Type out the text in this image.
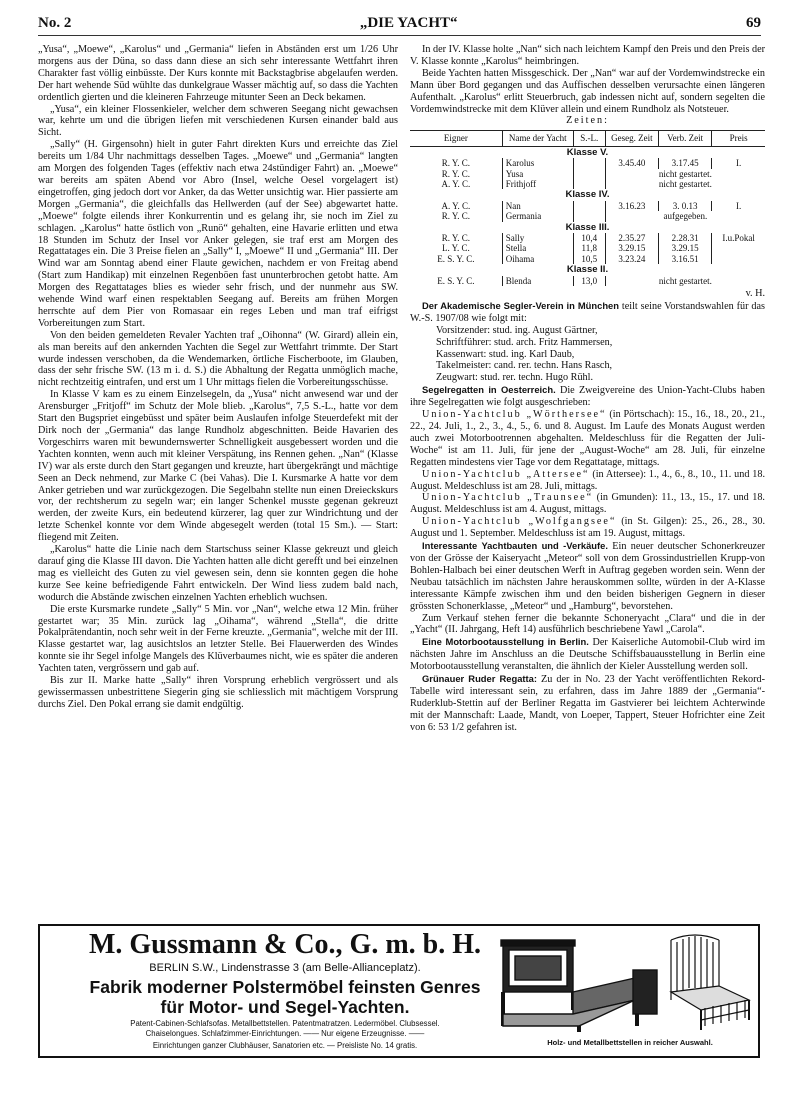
No. 2	„DIE YACHT“	69

„Yusa“, „Moewe“, „Karolus“ und „Germania“ liefen in Abständen erst um 1/26 Uhr morgens aus der Düna, so dass dann diese an sich sehr interessante Wettfahrt ihren Charakter fast völlig einbüsste. Der Kurs konnte mit Backstagbrise abgelaufen werden. Der hart wehende Süd wühlte das dunkelgraue Wasser mächtig auf, so dass die Yachten ordentlich gierten und die kleineren Fahrzeuge mitunter Seen an Deck bekamen.

„Yusa“, ein kleiner Flossenkieler, welcher dem schweren Seegang nicht gewachsen war, kehrte um und die übrigen liefen mit verschiedenen Kursen einander bald aus Sicht.

„Sally“ (H. Girgensohn) hielt in guter Fahrt direkten Kurs und erreichte das Ziel bereits um 1/84 Uhr nachmittags desselben Tages. „Moewe“ und „Germania“ langten am Morgen des folgenden Tages (effektiv nach etwa 24stündiger Fahrt) an. „Moewe“ war bereits am späten Abend vor Abro (Insel, welche Oesel vorgelagert ist) eingetroffen, ging jedoch dort vor Anker, da das Wetter unsichtig war. Hier passierte am Morgen „Germania“, die gleichfalls das Hellwerden (auf der See) abgewartet hatte. „Moewe“ folgte eilends ihrer Konkurrentin und es gelang ihr, sie noch im Ziel zu schlagen. „Karolus“ hatte östlich von „Runö“ gehalten, eine Havarie erlitten und etwa 18 Stunden im Schutz der Insel vor Anker gelegen, sie traf erst am Morgen des Regattatages ein. Die 3 Preise fielen an „Sally“ I, „Moewe“ II und „Germania“ III. Der Wind war am Sonntag abend einer Flaute gewichen, nachdem er von Freitag abend (Start zum Handikap) mit einzelnen Regenböen fast ununterbrochen getobt hatte. Am Morgen des Regattatages blies es wieder sehr frisch, und der nunmehr aus SW. wehende Wind warf einen respektablen Seegang auf. Bereits am frühen Morgen herrschte auf dem Pier von Romasaar ein reges Leben und man traf eifrigst Vorbereitungen zum Start.

Von den beiden gemeldeten Revaler Yachten traf „Oihonna“ (W. Girard) allein ein, als man bereits auf den ankernden Yachten die Segel zur Wettfahrt trimmte. Der Start wurde indessen verschoben, da die Wendemarken, örtliche Fischerboote, im Glauben, dass der sehr frische SW. (13 m i. d. S.) die Abhaltung der Regatta unmöglich mache, nicht rechtzeitig eintrafen, und erst um 1 Uhr mittags fielen die Vorbereitungsschüsse.

In Klasse V kam es zu einem Einzelsegeln, da „Yusa“ nicht anwesend war und der Arensburger „Fritjoff“ im Schutz der Mole blieb. „Karolus“, 7,5 S.-L., hatte vor dem Start den Bugspriet eingebüsst und später beim Auslaufen infolge Steuerdefekt mit der Dirk noch der „Germania“ das lange Rundholz abgeschnitten. Beide Havarien des Vorgeschirrs waren mit bewundernswerter Schnelligkeit ausgebessert worden und die Yachten konnten, wenn auch mit kleiner Verspätung, ins Rennen gehen. „Nan“ (Klasse IV) war als erste durch den Start gegangen und kreuzte, hart übergekrängt und mächtige Seen an Deck nehmend, zur Marke C (bei Vahas). Die I. Kursmarke A hatte vor dem Anker getrieben und war zurückgezogen. Die Segelbahn stellte nun einen Dreieckskurs vor, der rechtsherum zu segeln war; ein langer Schenkel musste gegenan gekreuzt werden, der zweite Kurs, ein bedeutend kürzerer, lag quer zur Windrichtung und der letzte Schenkel konnte vor dem Winde abgesegelt werden (total 15 Sm.). — Start: fliegend mit Zeiten.

„Karolus“ hatte die Linie nach dem Startschuss seiner Klasse gekreuzt und gleich darauf ging die Klasse III davon. Die Yachten hatten alle dicht gerefft und bei einzelnen mag es vielleicht des Guten zu viel gewesen sein, denn sie konnten gegen die hohe kurze See keine befriedigende Fahrt entwickeln. Der Wind liess zudem bald nach, wodurch die Abstände zwischen einzelnen Yachten erheblich wuchsen.

Die erste Kursmarke rundete „Sally“ 5 Min. vor „Nan“, welche etwa 12 Min. früher gestartet war; 35 Min. zurück lag „Oihama“, während „Stella“, die dritte Pokalprätendantin, noch sehr weit in der Ferne kreuzte. „Germania“, welche mit der III. Klasse gestartet war, lag ausichtslos an letzter Stelle. Bei Flauerwerden des Windes konnte sie ihr Segel infolge Mangels des Klüverbaumes nicht, wie es später die anderen Yachten taten, vergrössern und gab auf.

Bis zur II. Marke hatte „Sally“ ihren Vorsprung erheblich vergrössert und als gewissermassen unbestrittene Siegerin ging sie schliesslich mit mächtigem Vorsprung durchs Ziel. Den Pokal errang sie damit endgültig.

In der IV. Klasse holte „Nan“ sich nach leichtem Kampf den Preis und den Preis der V. Klasse konnte „Karolus“ heimbringen.

Beide Yachten hatten Missgeschick. Der „Nan“ war auf der Vordemwindstrecke ein Mann über Bord gegangen und das Auffischen desselben verursachte einen längeren Aufenthalt. „Karolus“ erlitt Steuerbruch, gab indessen nicht auf, sondern segelten die Vordemwindstrecke mit dem Klüver allein und einem Rundholz als Notsteuer.

Zeiten:

Eigner	Name der Yacht	S.-L.	Geseg. Zeit	Verb. Zeit	Preis
Klasse V.					
R. Y. C.	Karolus		3.45.40	3.17.45	I.
R. Y. C.	Yusa		nicht gestartet.		
A. Y. C.	Frithjoff		nicht gestartet.		
Klasse IV.					
A. Y. C.	Nan		3.16.23	3. 0.13	I.
R. Y. C.	Germania		aufgegeben.		
Klasse III.					
R. Y. C.	Sally	10,4	2.35.27	2.28.31	I.u.Pokal
L. Y. C.	Stella	11,8	3.29.15	3.29.15	
E. S. Y. C.	Oihama	10,5	3.23.24	3.16.51	
Klasse II.					
E. S. Y. C.	Blenda	13,0	nicht gestartet.		

v. H.

Der Akademische Segler-Verein in München teilt seine Vorstandswahlen für das W.-S. 1907/08 wie folgt mit:

Vorsitzender: stud. ing. August Gärtner,
Schriftführer: stud. arch. Fritz Hammersen,
Kassenwart: stud. ing. Karl Daub,
Takelmeister: cand. rer. techn. Hans Rasch,
Zeugwart: stud. rer. techn. Hugo Rühl.

Segelregatten in Oesterreich. Die Zweigvereine des Union-Yacht-Clubs haben ihre Segelregatten wie folgt ausgeschrieben:

Union-Yachtclub „Wörthersee“ (in Pörtschach): 15., 16., 18., 20., 21., 22., 24. Juli, 1., 2., 3., 4., 5., 6. und 8. August. Im Laufe des Monats August werden auch zwei Motorbootrennen abgehalten. Meldeschluss für die Regatten der Juli-Woche“ ist am 11. Juli, für jene der „August-Woche“ am 28. Juli, für einzelne Regatten mindestens vier Tage vor dem Regattatage, mittags.

Union-Yachtclub „Attersee“ (in Attersee): 1., 4., 6., 8., 10., 11. und 18. August. Meldeschluss ist am 28. Juli, mittags.

Union-Yachtclub „Traunsee“ (in Gmunden): 11., 13., 15., 17. und 18. August. Meldeschluss ist am 4. August, mittags.

Union-Yachtclub „Wolfgangsee“ (in St. Gilgen): 25., 26., 28., 30. August und 1. September. Meldeschluss ist am 19. August, mittags.

Interessante Yachtbauten und -Verkäufe. Ein neuer deutscher Schonerkreuzer von der Grösse der Kaiseryacht „Meteor“ soll von dem Grossindustriellen Krupp-von Bohlen-Halbach bei einer deutschen Werft in Auftrag gegeben worden sein. Wenn der Neubau tatsächlich im nächsten Jahre herauskommen sollte, würden in der A-Klasse interessante Kämpfe zwischen ihm und den beiden bisherigen Gegnern in dieser grössten Schonerklasse, „Meteor“ und „Hamburg“, bevorstehen.

Zum Verkauf stehen ferner die bekannte Schoneryacht „Clara“ und die in der „Yacht“ (II. Jahrgang, Heft 14) ausführlich beschriebene Yawl „Carola“.

Eine Motorbootausstellung in Berlin. Der Kaiserliche Automobil-Club wird im nächsten Jahre im Anschluss an die Deutsche Schiffsbauausstellung in Berlin eine Motorbootausstellung veranstalten, die ähnlich der Kieler Ausstellung werden soll.

Grünauer Ruder Regatta: Zu der in No. 23 der Yacht veröffentlichten Rekord-Tabelle wird interessant sein, zu erfahren, dass im Jahre 1889 der „Germania“-Ruderklub-Stettin auf der Berliner Regatta im Gastvierer bei leichtem Achterwinde mit der Mannschaft: Laade, Mandt, von Loeper, Tappert, Steuer Hofrichter eine Zeit von 6: 53 1/2 gefahren ist.

M. Gussmann & Co., G. m. b. H.
BERLIN S.W., Lindenstrasse 3 (am Belle-Allianceplatz).
Fabrik moderner Polstermöbel feinsten Genres
für Motor- und Segel-Yachten.
Patent-Cabinen-Schlafsofas. Metallbettstellen. Patentmatratzen. Ledermöbel. Clubsessel.
Chaiselongues. Schlafzimmer-Einrichtungen. —— Nur eigene Erzeugnisse. ——
Einrichtungen ganzer Clubhäuser, Sanatorien etc. — Preisliste No. 14 gratis.	Holz- und Metallbettstellen in reicher Auswahl.
